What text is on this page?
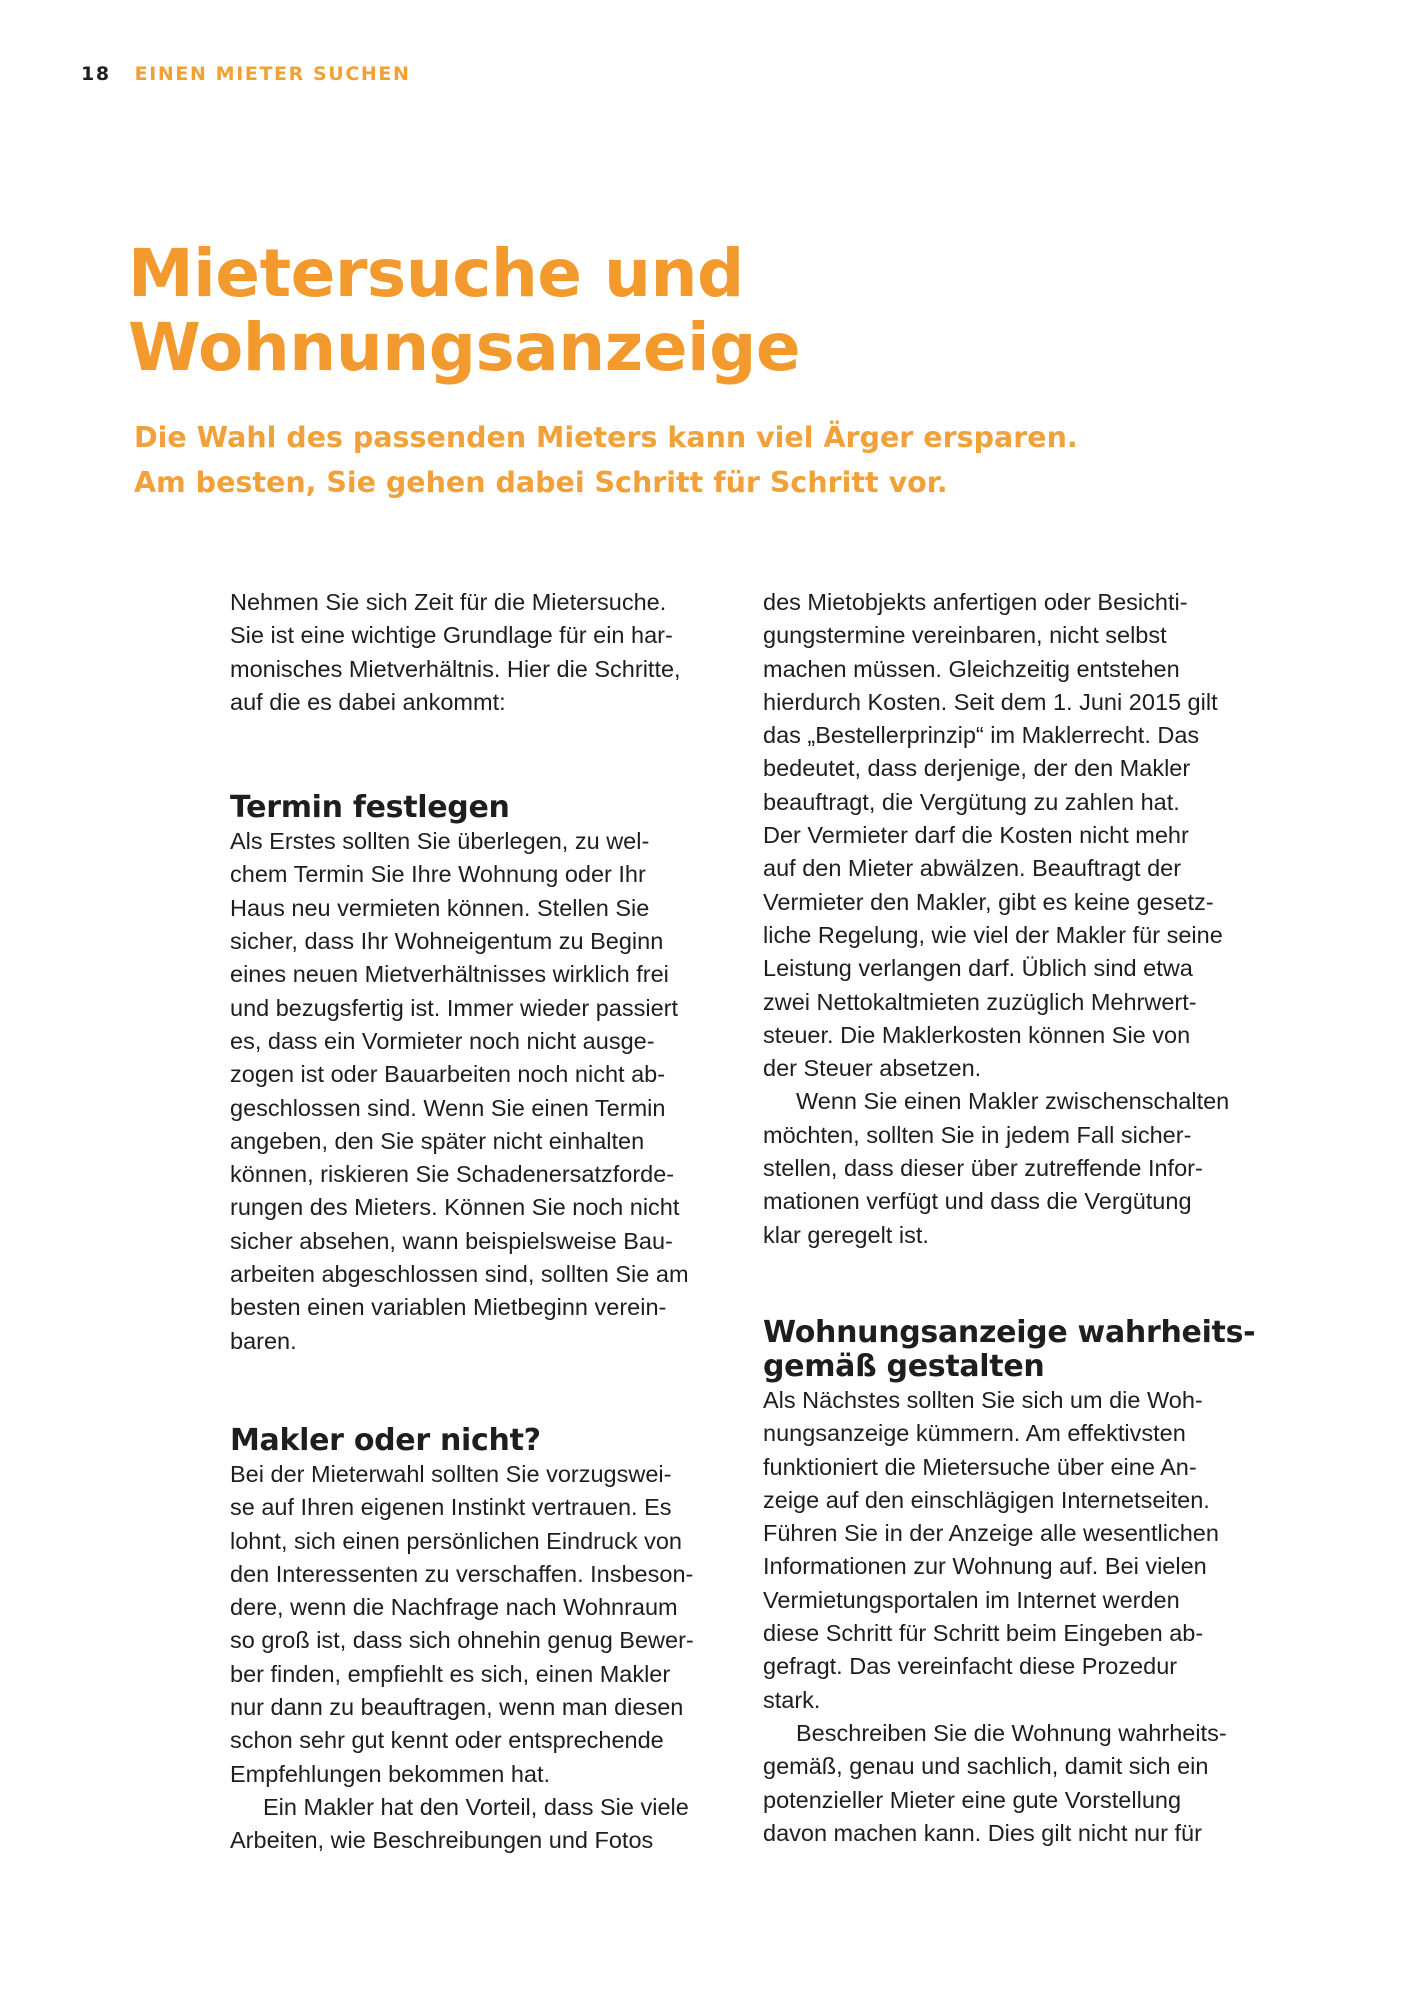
18 EINEN MIETER SUCHEN
Mietersuche und
Wohnungsanzeige

Die Wahl des passenden Mieters kann viel Ärger ersparen.
Am besten, Sie gehen dabei Schritt für Schritt vor.

Nehmen Sie sich Zeit für die Mietersuche.
Sie ist eine wichtige Grundlage für ein har-
monisches Mietverhältnis. Hier die Schritte,
auf die es dabei ankommt:

Termin festlegen

Als Erstes sollten Sie überlegen, zu wel-
chem Termin Sie Ihre Wohnung oder Ihr
Haus neu vermieten können. Stellen Sie
sicher, dass Ihr Wohneigentum zu Beginn
eines neuen Mietverhältnisses wirklich frei
und bezugsfertig ist. Immer wieder passiert
es, dass ein Vormieter noch nicht ausge-
zogen ist oder Bauarbeiten noch nicht ab-
geschlossen sind. Wenn Sie einen Termin
angeben, den Sie später nicht einhalten
können, riskieren Sie Schadenersatzforde-
rungen des Mieters. Können Sie noch nicht
sicher absehen, wann beispielsweise Bau-
arbeiten abgeschlossen sind, sollten Sie am
besten einen variablen Mietbeginn verein-
baren.

Makler oder nicht?

Bei der Mieterwahl sollten Sie vorzugswei-
se auf Ihren eigenen Instinkt vertrauen. Es
lohnt, sich einen persönlichen Eindruck von
den Interessenten zu verschaffen. Insbeson-
dere, wenn die Nachfrage nach Wohnraum
so groß ist, dass sich ohnehin genug Bewer-
ber finden, empfiehlt es sich, einen Makler
nur dann zu beauftragen, wenn man diesen
schon sehr gut kennt oder entsprechende
Empfehlungen bekommen hat.

Ein Makler hat den Vorteil, dass Sie viele
Arbeiten, wie Beschreibungen und Fotos

des Mietobjekts anfertigen oder Besichti-
gungstermine vereinbaren, nicht selbst
machen müssen. Gleichzeitig entstehen
hierdurch Kosten. Seit dem 1. Juni 2015 gilt
das „Bestellerprinzip“ im Maklerrecht. Das
bedeutet, dass derjenige, der den Makler
beauftragt, die Vergütung zu zahlen hat.
Der Vermieter darf die Kosten nicht mehr
auf den Mieter abwälzen. Beauftragt der
Vermieter den Makler, gibt es keine gesetz-
liche Regelung, wie viel der Makler für seine
Leistung verlangen darf. Üblich sind etwa
zwei Nettokaltmieten zuzüglich Mehrwert-
steuer. Die Maklerkosten können Sie von
der Steuer absetzen.

Wenn Sie einen Makler zwischenschalten
möchten, sollten Sie in jedem Fall sicher-
stellen, dass dieser über zutreffende Infor-
mationen verfügt und dass die Vergütung
klar geregelt ist.

Wohnungsanzeige wahrheits-
gemäß gestalten

Als Nächstes sollten Sie sich um die Woh-
nungsanzeige kümmern. Am effektivsten
funktioniert die Mietersuche über eine An-
zeige auf den einschlägigen Internetseiten.
Führen Sie in der Anzeige alle wesentlichen
Informationen zur Wohnung auf. Bei vielen
Vermietungsportalen im Internet werden
diese Schritt für Schritt beim Eingeben ab-
gefragt. Das vereinfacht diese Prozedur
stark.

Beschreiben Sie die Wohnung wahrheits-
gemäß, genau und sachlich, damit sich ein
potenzieller Mieter eine gute Vorstellung
davon machen kann. Dies gilt nicht nur für
